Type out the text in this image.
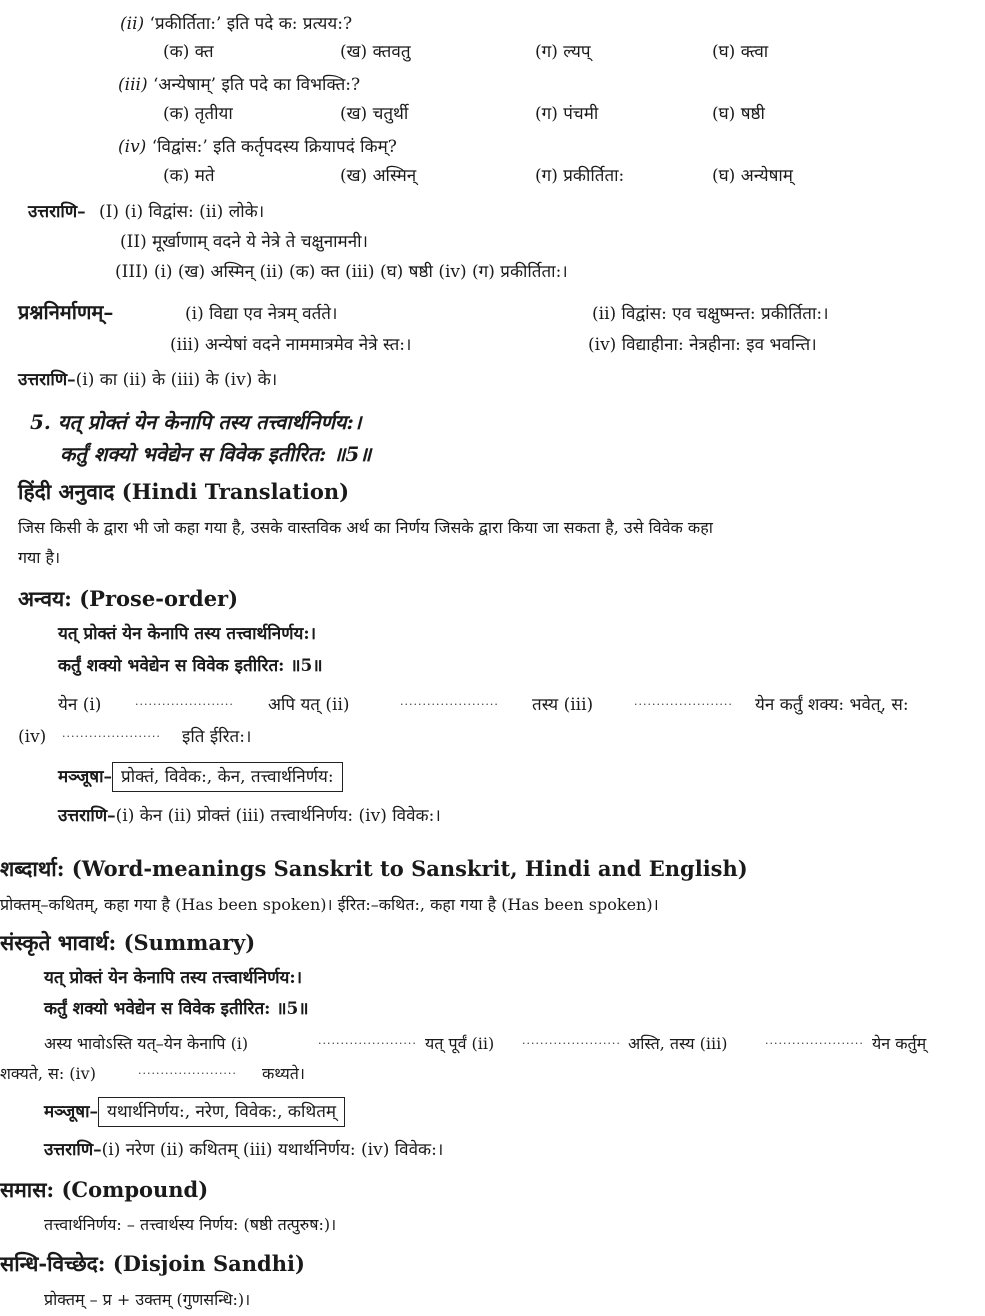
(ii) ‘प्रकीर्तिता:’ इति पदे क: प्रत्यय:?
(क) क्त	(ख) क्तवतु	(ग) ल्यप्	(घ) क्त्वा
(iii) ‘अन्येषाम्’ इति पदे का विभक्ति:?
(क) तृतीया	(ख) चतुर्थी	(ग) पंचमी	(घ) षष्ठी
(iv) ‘विद्वांस:’ इति कर्तृपदस्य क्रियापदं किम्?
(क) मते	(ख) अस्मिन्	(ग) प्रकीर्तिता:	(घ) अन्येषाम्
उत्तराणि– (I) (i) विद्वांस: (ii) लोके।
(II) मूर्खाणाम् वदने ये नेत्रे ते चक्षुनामनी।
(III) (i) (ख) अस्मिन् (ii) (क) क्त (iii) (घ) षष्ठी (iv) (ग) प्रकीर्तिता:।
प्रश्ननिर्माणम्–	(i) विद्या एव नेत्रम् वर्तते।	(ii) विद्वांस: एव चक्षुष्मन्त: प्रकीर्तिता:।
(iii) अन्येषां वदने नाममात्रमेव नेत्रे स्त:।	(iv) विद्याहीना: नेत्रहीना: इव भवन्ति।
उत्तराणि–(i) का (ii) के (iii) के (iv) के।
5. यत् प्रोक्तं येन केनापि तस्य तत्त्वार्थनिर्णय:।
कर्तुं शक्यो भवेद्येन स विवेक इतीरित: ॥5॥
हिंदी अनुवाद (Hindi Translation)
जिस किसी के द्वारा भी जो कहा गया है, उसके वास्तविक अर्थ का निर्णय जिसके द्वारा किया जा सकता है, उसे विवेक कहा
गया है।
अन्वय: (Prose-order)
यत् प्रोक्तं येन केनापि तस्य तत्त्वार्थनिर्णय:।
कर्तुं शक्यो भवेद्येन स विवेक इतीरित: ॥5॥
येन (i)	······················ अपि यत् (ii)	······················ तस्य (iii)	······················ येन कर्तुं शक्य: भवेत्, स:
(iv) ······················ इति ईरित:।
मञ्जूषा– प्रोक्तं, विवेक:, केन, तत्त्वार्थनिर्णय:
उत्तराणि–(i) केन (ii) प्रोक्तं (iii) तत्त्वार्थनिर्णय: (iv) विवेक:।
शब्दार्था: (Word-meanings Sanskrit to Sanskrit, Hindi and English)
प्रोक्तम्–कथितम्, कहा गया है (Has been spoken)। ईरित:–कथित:, कहा गया है (Has been spoken)।
संस्कृते भावार्थ: (Summary)
यत् प्रोक्तं येन केनापि तस्य तत्त्वार्थनिर्णय:।
कर्तुं शक्यो भवेद्येन स विवेक इतीरित: ॥5॥
अस्य भावोऽस्ति यत्–येन केनापि (i)	······················ यत् पूर्वं (ii)	······················ अस्ति, तस्य (iii)	······················ येन कर्तुम्
शक्यते, स: (iv)	······················ कथ्यते।
मञ्जूषा– यथार्थनिर्णय:, नरेण, विवेक:, कथितम्
उत्तराणि–(i) नरेण (ii) कथितम् (iii) यथार्थनिर्णय: (iv) विवेक:।
समास: (Compound)
तत्त्वार्थनिर्णय: – तत्त्वार्थस्य निर्णय: (षष्ठी तत्पुरुष:)।
सन्धि-विच्छेद: (Disjoin Sandhi)
प्रोक्तम् – प्र + उक्तम् (गुणसन्धि:)।
